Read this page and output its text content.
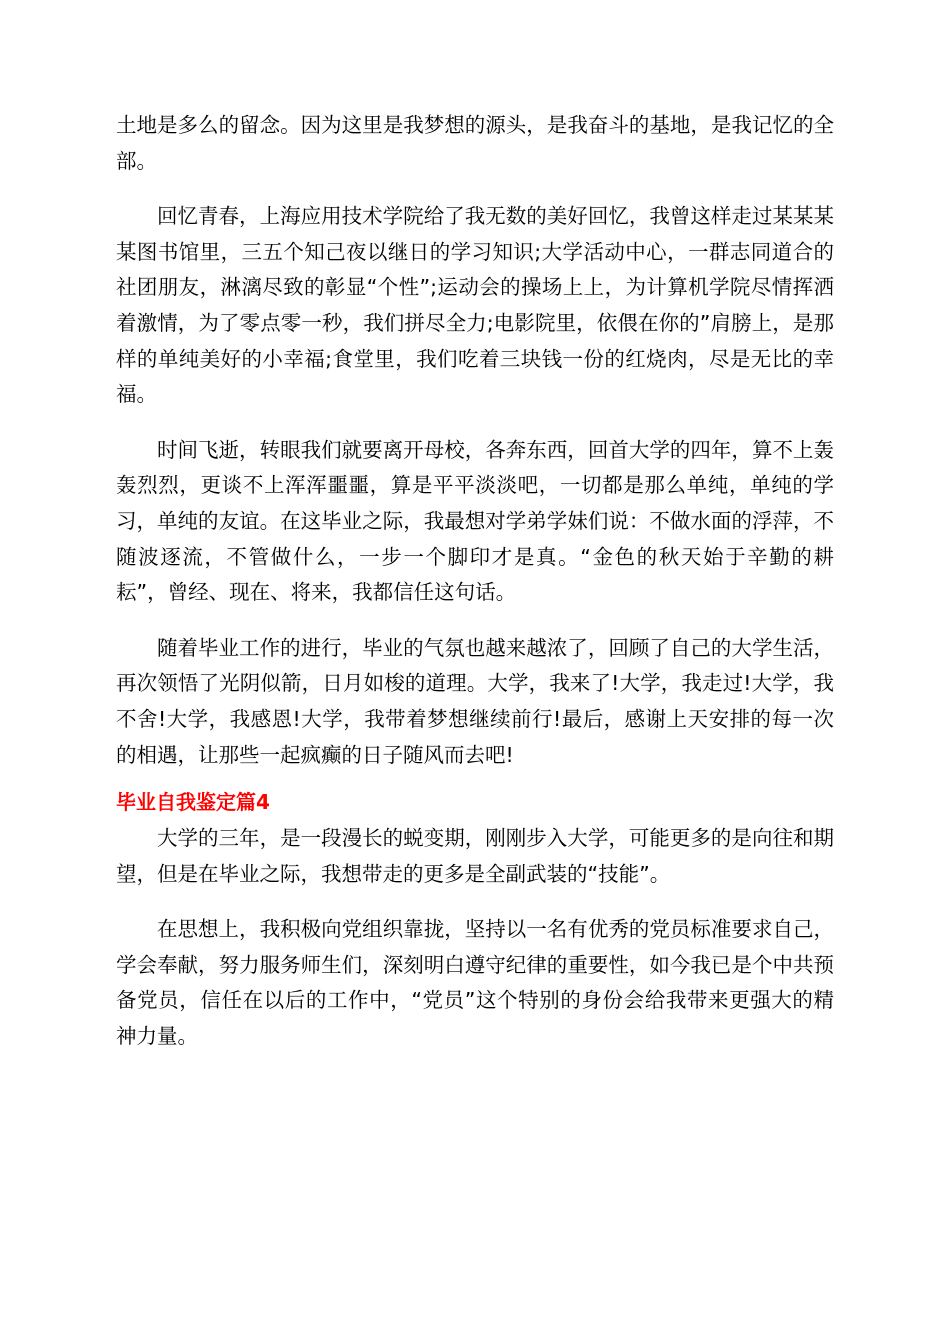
土地是多么的留念。因为这里是我梦想的源头，是我奋斗的基地，是我记忆的全部。

回忆青春，上海应用技术学院给了我无数的美好回忆，我曾这样走过某某某某图书馆里，三五个知己夜以继日的学习知识;大学活动中心，一群志同道合的社团朋友，淋漓尽致的彰显“个性”;运动会的操场上上，为计算机学院尽情挥洒着激情，为了零点零一秒，我们拼尽全力;电影院里，依偎在你的”肩膀上，是那样的单纯美好的小幸福;食堂里，我们吃着三块钱一份的红烧肉，尽是无比的幸福。

时间飞逝，转眼我们就要离开母校，各奔东西，回首大学的四年，算不上轰轰烈烈，更谈不上浑浑噩噩，算是平平淡淡吧，一切都是那么单纯，单纯的学习，单纯的友谊。在这毕业之际，我最想对学弟学妹们说：不做水面的浮萍，不随波逐流，不管做什么，一步一个脚印才是真。“金色的秋天始于辛勤的耕耘”，曾经、现在、将来，我都信任这句话。

随着毕业工作的进行，毕业的气氛也越来越浓了，回顾了自己的大学生活，再次领悟了光阴似箭，日月如梭的道理。大学，我来了!大学，我走过!大学，我不舍!大学，我感恩!大学，我带着梦想继续前行!最后，感谢上天安排的每一次的相遇，让那些一起疯癫的日子随风而去吧!

毕业自我鉴定篇4

大学的三年，是一段漫长的蜕变期，刚刚步入大学，可能更多的是向往和期望，但是在毕业之际，我想带走的更多是全副武装的“技能”。

在思想上，我积极向党组织靠拢，坚持以一名有优秀的党员标准要求自己，学会奉献，努力服务师生们，深刻明白遵守纪律的重要性，如今我已是个中共预备党员，信任在以后的工作中，“党员”这个特别的身份会给我带来更强大的精神力量。
